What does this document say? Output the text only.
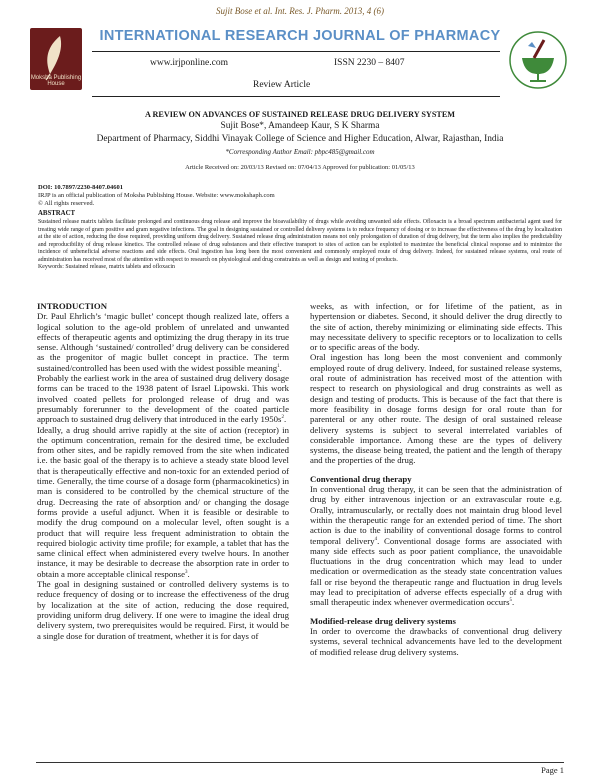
Sujit Bose et al. Int. Res. J. Pharm. 2013, 4 (6)
Moksha Publishing House
INTERNATIONAL RESEARCH JOURNAL OF PHARMACY
www.irjponline.com	ISSN 2230 – 8407
Review Article
A REVIEW ON ADVANCES OF SUSTAINED RELEASE DRUG DELIVERY SYSTEM
Sujit Bose*, Amandeep Kaur, S K Sharma
Department of Pharmacy, Siddhi Vinayak College of Science and Higher Education, Alwar, Rajasthan, India
*Corresponding Author Email: pbpc485@gmail.com
Article Received on: 20/03/13 Revised on: 07/04/13 Approved for publication: 01/05/13
DOI: 10.7897/2230-8407.04601
IRJP is an official publication of Moksha Publishing House. Website: www.mokshaph.com
© All rights reserved.
ABSTRACT
Sustained release matrix tablets facilitate prolonged and continuous drug release and improve the bioavailability of drugs while avoiding unwanted side effects. Ofloxacin is a broad spectrum antibacterial agent used for treating wide range of gram positive and gram negative infections. The goal in designing sustained or controlled delivery systems is to reduce frequency of dosing or to increase the effectiveness of the drug by localization at the site of action, reducing the dose required, providing uniform drug delivery. Sustained release drug administration means not only prolongation of duration of drug delivery, but the term also implies the predictability and reproducibility of drug release kinetics. The controlled release of drug substances and their effective transport to sites of action can be exploited to maximize the beneficial clinical response and to minimize the incidence of unbeneficial adverse reactions and side effects. Oral ingestion has long been the most convenient and commonly employed route of drug delivery. Indeed, for sustained release systems, oral route of administration has received most of the attention with respect to research on physiological and drug constraints as well as design and testing of products.
Keywords: Sustained release, matrix tablets and ofloxacin

INTRODUCTION

Dr. Paul Ehrlich’s ‘magic bullet’ concept though realized late, offers a logical solution to the age-old problem of unrelated and unwanted effects of therapeutic agents and optimizing the drug therapy in its true sense. Although ‘sustained/ controlled’ drug delivery can be considered as the progenitor of magic bullet concept in practice. The term sustained/controlled has been used with the widest possible meaning$^1$.

Probably the earliest work in the area of sustained drug delivery dosage forms can be traced to the 1938 patent of Israel Lipowski. This work involved coated pellets for prolonged release of drug and was presumably forerunner to the development of the coated particle approach to sustained drug delivery that introduced in the early $1950s^2$.

Ideally, a drug should arrive rapidly at the site of action (receptor) in the optimum concentration, remain for the desired time, be excluded from other sites, and be rapidly removed from the site when indicated i.e. the basic goal of the therapy is to achieve a steady state blood level that is therapeutically effective and non-toxic for an extended period of time. Generally, the time course of a dosage form (pharmacokinetics) in man is considered to be controlled by the chemical structure of the drug. Decreasing the rate of absorption and/ or changing the dosage forms provide a useful adjunct. When it is feasible or desirable to modify the drug compound on a molecular level, often sought is a product that will require less frequent administration to obtain the required biologic activity time profile; for example, a tablet that has the same clinical effect when administered every twelve hours. In another instance, it may be desirable to decrease the absorption rate in order to obtain a more acceptable clinical response$^3$.

The goal in designing sustained or controlled delivery systems is to reduce frequency of dosing or to increase the effectiveness of the drug by localization at the site of action, reducing the dose required, providing uniform drug delivery. If one were to imagine the ideal drug delivery system, two prerequisites would be required. First, it would be a single dose for duration of treatment, whether it is for days of

weeks, as with infection, or for lifetime of the patient, as in hypertension or diabetes. Second, it should deliver the drug directly to the site of action, thereby minimizing or eliminating side effects. This may necessitate delivery to specific receptors or to localization to cells or to specific areas of the body.

Oral ingestion has long been the most convenient and commonly employed route of drug delivery. Indeed, for sustained release systems, oral route of administration has received most of the attention with respect to research on physiological and drug constraints as well as design and testing of products. This is because of the fact that there is more feasibility in dosage forms design for oral route than for parenteral or any other route. The design of oral sustained release delivery systems is subject to several interrelated variables of considerable importance. Among these are the types of delivery systems, the disease being treated, the patient and the length of therapy and the properties of the drug.

Conventional drug therapy

In conventional drug therapy, it can be seen that the administration of drug by either intravenous injection or an extravascular route e.g. Orally, intramuscularly, or rectally does not maintain drug blood level within the therapeutic range for an extended period of time. The short action is due to the inability of conventional dosage forms to control temporal delivery$^4$. Conventional dosage forms are associated with many side effects such as poor patient compliance, the unavoidable fluctuations in the drug concentration which may lead to under medication or overmedication as the steady state concentration values fall or rise beyond the therapeutic range and fluctuation in drug levels may lead to precipitation of adverse effects especially of a drug with small therapeutic index whenever overmedication occurs$^5$.

Modified-release drug delivery systems

In order to overcome the drawbacks of conventional drug delivery systems, several technical advancements have led to the development of modified release drug delivery systems.

Page 1
